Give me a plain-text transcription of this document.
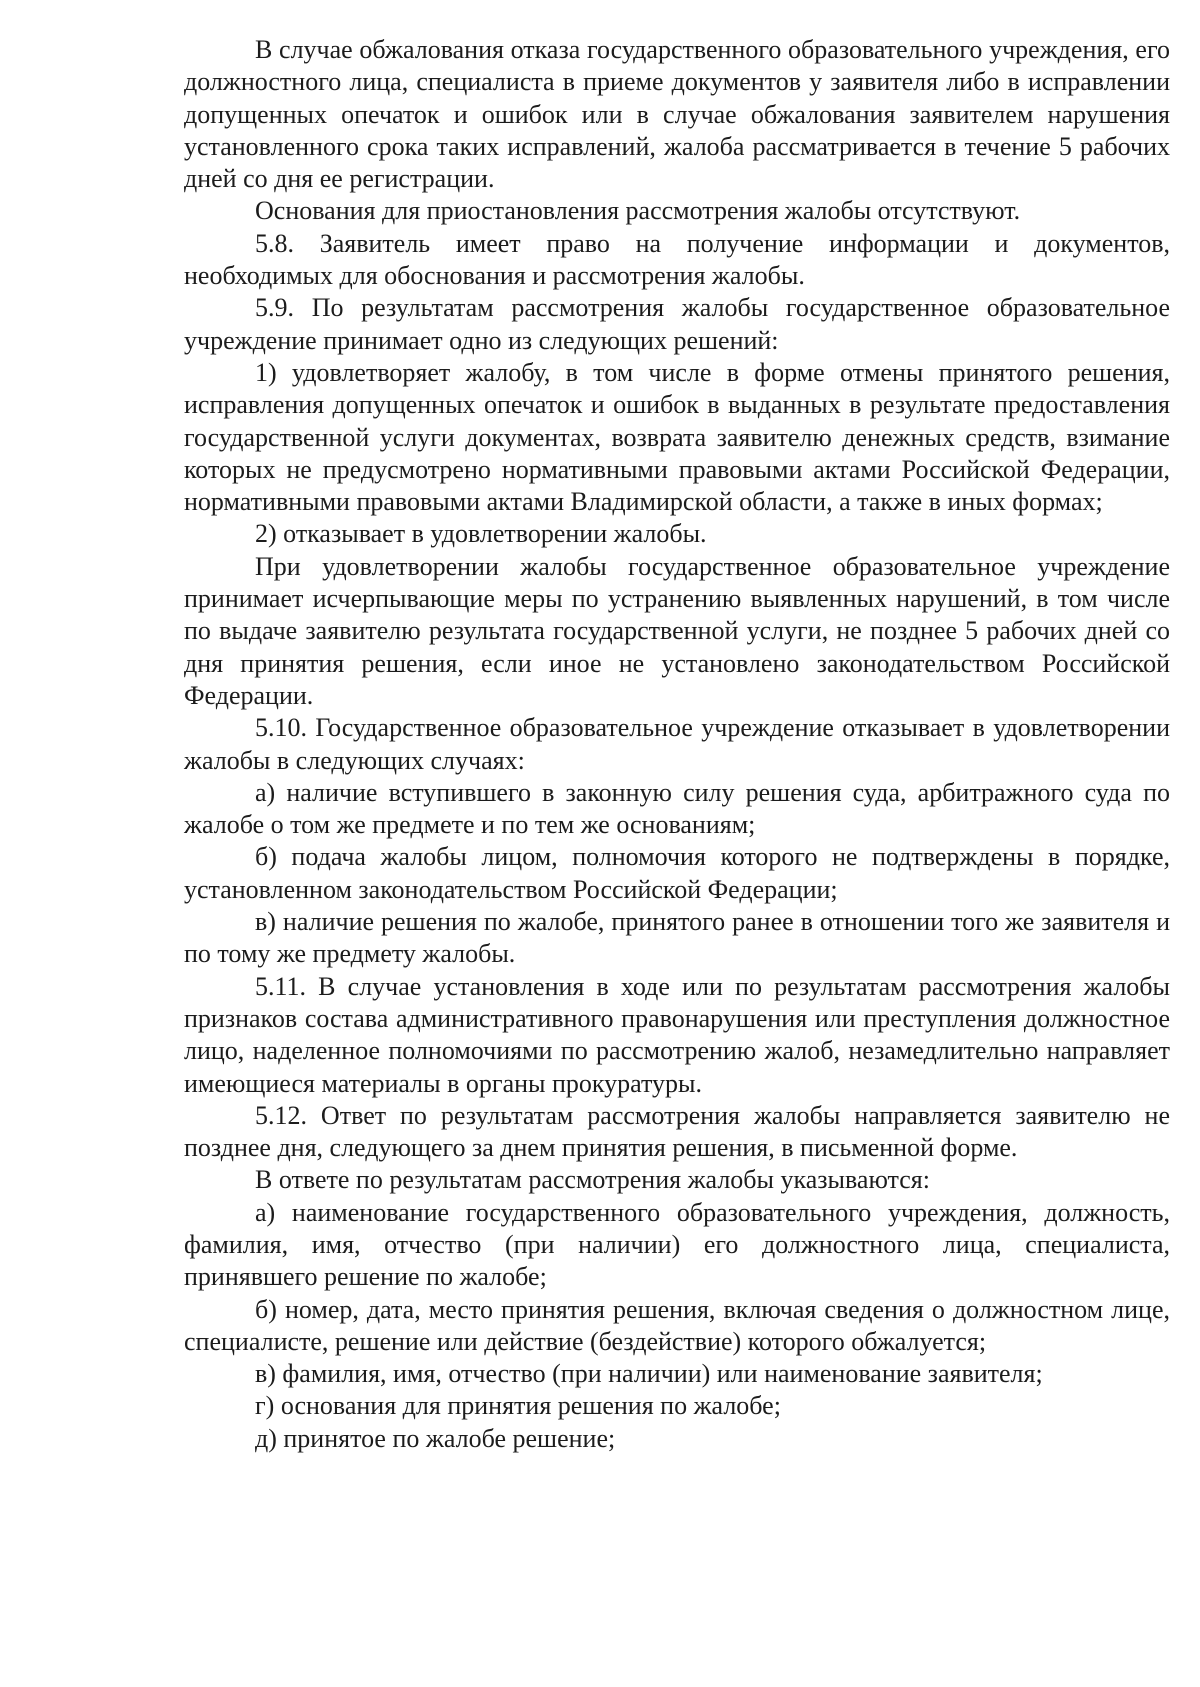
В случае обжалования отказа государственного образовательного учреждения, его должностного лица, специалиста в приеме документов у заявителя либо в исправлении допущенных опечаток и ошибок или в случае обжалования заявителем нарушения установленного срока таких исправлений, жалоба рассматривается в течение 5 рабочих дней со дня ее регистрации.

Основания для приостановления рассмотрения жалобы отсутствуют.

5.8. Заявитель имеет право на получение информации и документов, необходимых для обоснования и рассмотрения жалобы.

5.9. По результатам рассмотрения жалобы государственное образовательное учреждение принимает одно из следующих решений:

1) удовлетворяет жалобу, в том числе в форме отмены принятого решения, исправления допущенных опечаток и ошибок в выданных в результате предоставления государственной услуги документах, возврата заявителю денежных средств, взимание которых не предусмотрено нормативными правовыми актами Российской Федерации, нормативными правовыми актами Владимирской области, а также в иных формах;

2) отказывает в удовлетворении жалобы.

При удовлетворении жалобы государственное образовательное учреждение принимает исчерпывающие меры по устранению выявленных нарушений, в том числе по выдаче заявителю результата государственной услуги, не позднее 5 рабочих дней со дня принятия решения, если иное не установлено законодательством Российской Федерации.

5.10. Государственное образовательное учреждение отказывает в удовлетворении жалобы в следующих случаях:

а) наличие вступившего в законную силу решения суда, арбитражного суда по жалобе о том же предмете и по тем же основаниям;

б) подача жалобы лицом, полномочия которого не подтверждены в порядке, установленном законодательством Российской Федерации;

в) наличие решения по жалобе, принятого ранее в отношении того же заявителя и по тому же предмету жалобы.

5.11. В случае установления в ходе или по результатам рассмотрения жалобы признаков состава административного правонарушения или преступления должностное лицо, наделенное полномочиями по рассмотрению жалоб, незамедлительно направляет имеющиеся материалы в органы прокуратуры.

5.12. Ответ по результатам рассмотрения жалобы направляется заявителю не позднее дня, следующего за днем принятия решения, в письменной форме.

В ответе по результатам рассмотрения жалобы указываются:

а) наименование государственного образовательного учреждения, должность, фамилия, имя, отчество (при наличии) его должностного лица, специалиста, принявшего решение по жалобе;

б) номер, дата, место принятия решения, включая сведения о должностном лице, специалисте, решение или действие (бездействие) которого обжалуется;

в) фамилия, имя, отчество (при наличии) или наименование заявителя;

г) основания для принятия решения по жалобе;

д) принятое по жалобе решение;
